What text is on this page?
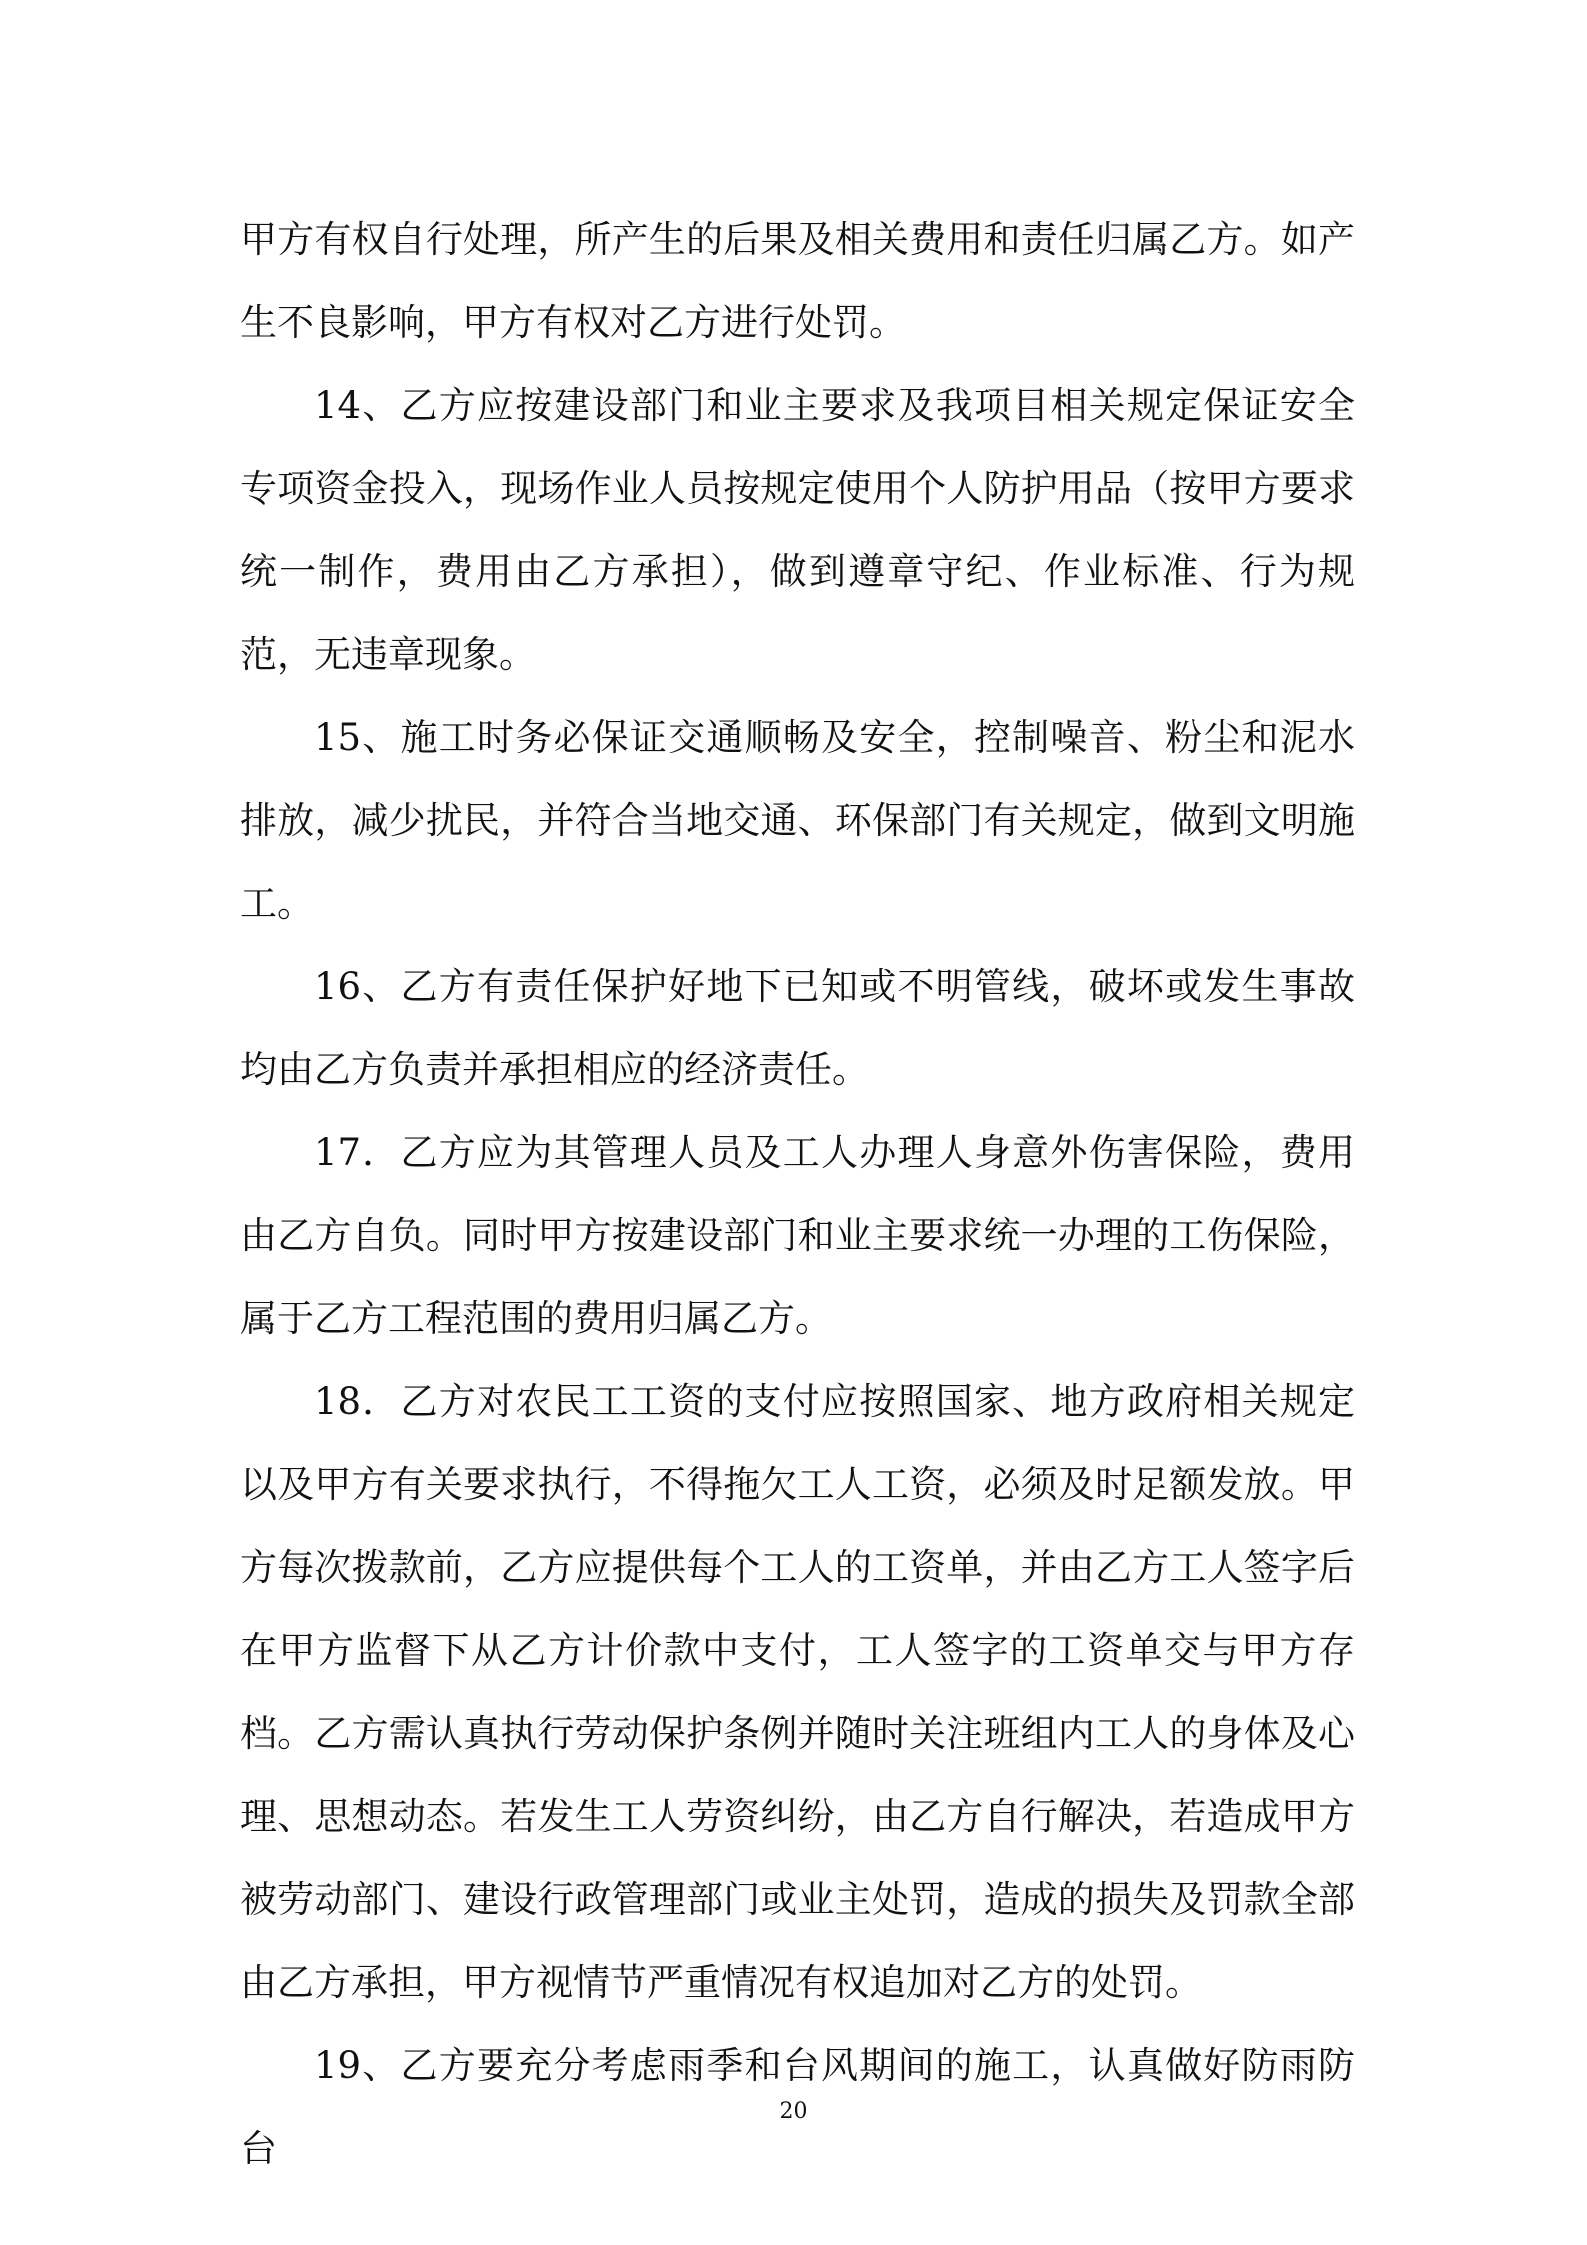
甲方有权自行处理，所产生的后果及相关费用和责任归属乙方。如产生不良影响，甲方有权对乙方进行处罚。

14、乙方应按建设部门和业主要求及我项目相关规定保证安全专项资金投入，现场作业人员按规定使用个人防护用品（按甲方要求统一制作，费用由乙方承担），做到遵章守纪、作业标准、行为规范，无违章现象。

15、施工时务必保证交通顺畅及安全，控制噪音、粉尘和泥水排放，减少扰民，并符合当地交通、环保部门有关规定，做到文明施工。

16、乙方有责任保护好地下已知或不明管线，破坏或发生事故均由乙方负责并承担相应的经济责任。

17．乙方应为其管理人员及工人办理人身意外伤害保险，费用由乙方自负。同时甲方按建设部门和业主要求统一办理的工伤保险，属于乙方工程范围的费用归属乙方。

18．乙方对农民工工资的支付应按照国家、地方政府相关规定以及甲方有关要求执行，不得拖欠工人工资，必须及时足额发放。甲方每次拨款前，乙方应提供每个工人的工资单，并由乙方工人签字后在甲方监督下从乙方计价款中支付，工人签字的工资单交与甲方存档。乙方需认真执行劳动保护条例并随时关注班组内工人的身体及心理、思想动态。若发生工人劳资纠纷，由乙方自行解决，若造成甲方被劳动部门、建设行政管理部门或业主处罚，造成的损失及罚款全部由乙方承担，甲方视情节严重情况有权追加对乙方的处罚。

19、乙方要充分考虑雨季和台风期间的施工，认真做好防雨防台

20
